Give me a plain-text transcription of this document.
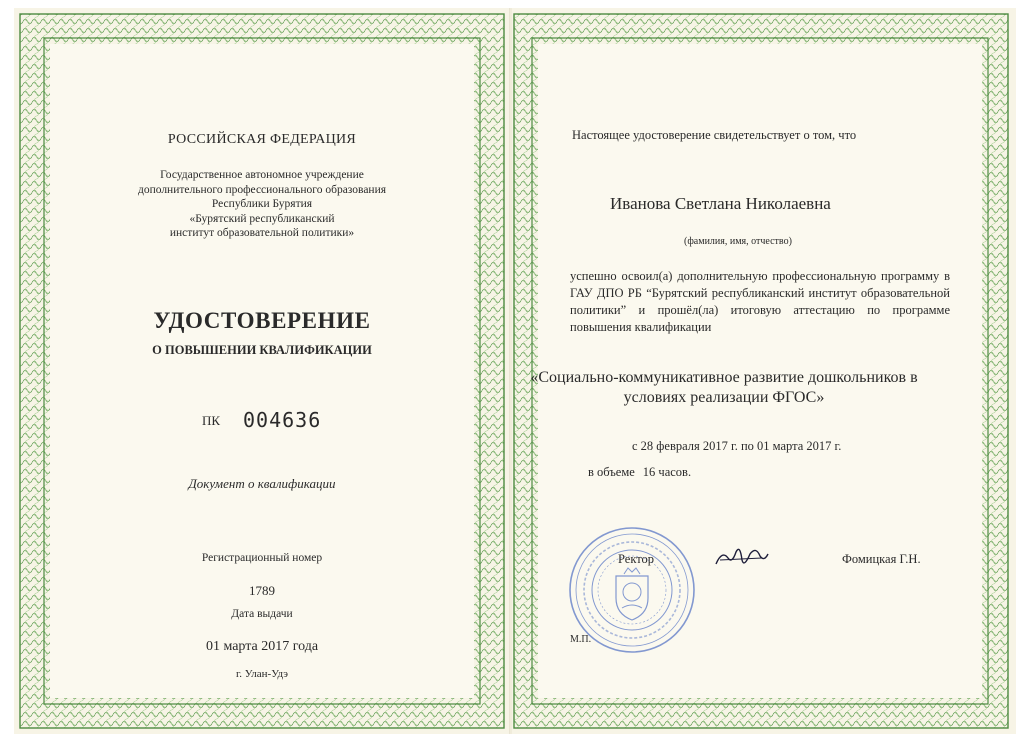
РОССИЙСКАЯ ФЕДЕРАЦИЯ
Государственное автономное учреждение
дополнительного профессионального образования
Республики Бурятия
«Бурятский республиканский
институт образовательной политики»
УДОСТОВЕРЕНИЕ
О ПОВЫШЕНИИ КВАЛИФИКАЦИИ
ПК 004636
Документ о квалификации
Регистрационный номер
1789
Дата выдачи
01 марта 2017 года
г. Улан-Удэ
Настоящее удостоверение свидетельствует о том, что
Иванова Светлана Николаевна
(фамилия, имя, отчество)
успешно освоил(а) дополнительную профессиональную программу в ГАУ ДПО РБ “Бурятский республиканский институт образовательной политики” и прошёл(ла) итоговую аттестацию по программе повышения квалификации
«Социально-коммуникативное развитие дошкольников в
условиях реализации ФГОС»
с 28 февраля 2017 г. по 01 марта 2017 г.
в объеме 16 часов.
Ректор	Фомицкая Г.Н.
М.П.
